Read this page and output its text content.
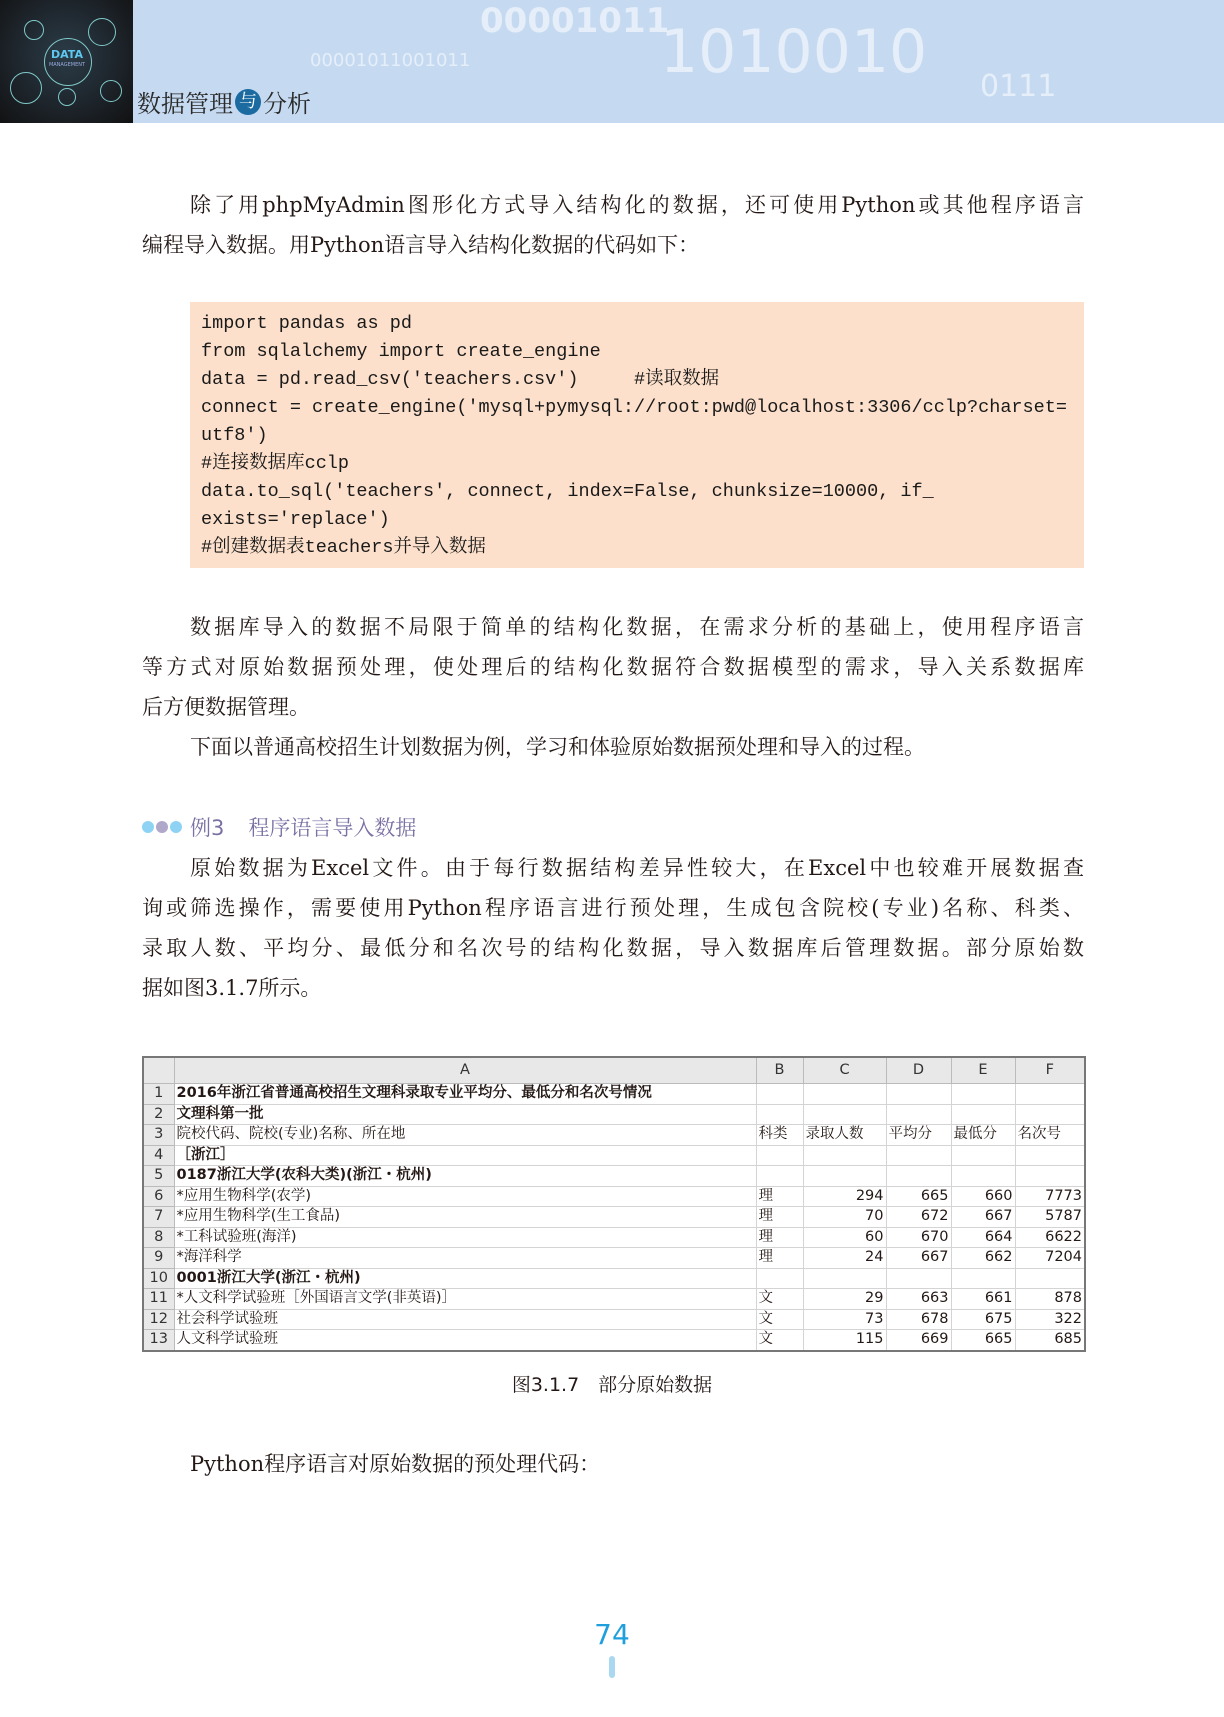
00001011
1010010
00001011001011
0111
DATA
MANAGEMENT
数据管理 与 分析
除了用phpMyAdmin图形化方式导入结构化的数据，还可使用Python或其他程序语言
编程导入数据。用Python语言导入结构化数据的代码如下：
import pandas as pd
from sqlalchemy import create_engine
data = pd.read_csv('teachers.csv')     #读取数据
connect = create_engine('mysql+pymysql://root:pwd@localhost:3306/cclp?charset=
utf8')
#连接数据库cclp
data.to_sql('teachers', connect, index=False, chunksize=10000, if_
exists='replace')
#创建数据表teachers并导入数据
数据库导入的数据不局限于简单的结构化数据，在需求分析的基础上，使用程序语言
等方式对原始数据预处理，使处理后的结构化数据符合数据模型的需求，导入关系数据库
后方便数据管理。
下面以普通高校招生计划数据为例，学习和体验原始数据预处理和导入的过程。
例3 程序语言导入数据
原始数据为Excel文件。由于每行数据结构差异性较大，在Excel中也较难开展数据查
询或筛选操作，需要使用Python程序语言进行预处理，生成包含院校(专业)名称、科类、
录取人数、平均分、最低分和名次号的结构化数据，导入数据库后管理数据。部分原始数
据如图3.1.7所示。
	A	B	C	D	E	F
1	2016年浙江省普通高校招生文理科录取专业平均分、最低分和名次号情况					
2	文理科第一批					
3	院校代码、院校(专业)名称、所在地	科类	录取人数	平均分	最低分	名次号
4	［浙江］					
5	0187浙江大学(农科大类)(浙江・杭州)					
6	*应用生物科学(农学)	理	294	665	660	7773
7	*应用生物科学(生工食品)	理	70	672	667	5787
8	*工科试验班(海洋)	理	60	670	664	6622
9	*海洋科学	理	24	667	662	7204
10	0001浙江大学(浙江・杭州)					
11	*人文科学试验班［外国语言文学(非英语)］	文	29	663	661	878
12	社会科学试验班	文	73	678	675	322
13	人文科学试验班	文	115	669	665	685
图3.1.7　部分原始数据
Python程序语言对原始数据的预处理代码：
74
